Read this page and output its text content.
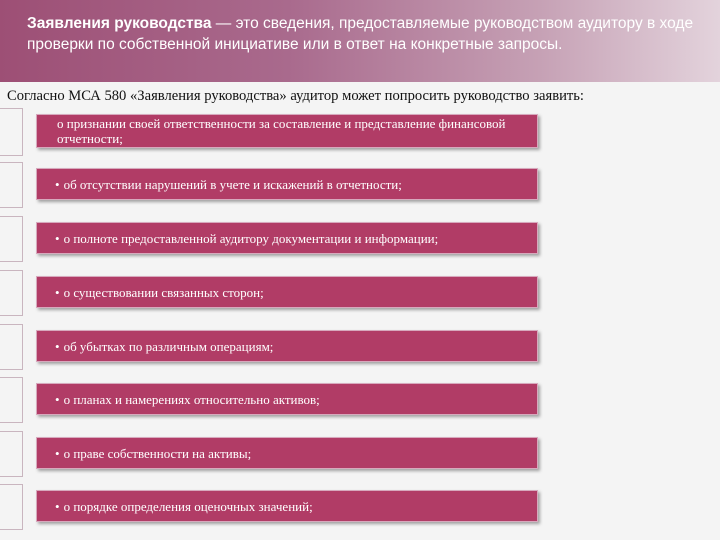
Заявления руководства — это сведения, предоставляемые руководством аудитору в ходе проверки по собственной инициативе или в ответ на конкретные запросы.
Согласно МСА 580 «Заявления руководства» аудитор может попросить руководство заявить:
о признании своей ответственности за составление и представление финансовой отчетности;
• об отсутствии нарушений в учете и искажений в отчетности;
• о полноте предоставленной аудитору документации и информации;
• о существовании связанных сторон;
• об убытках по различным операциям;
• о планах и намерениях относительно активов;
• о праве собственности на активы;
• о порядке определения оценочных значений;
